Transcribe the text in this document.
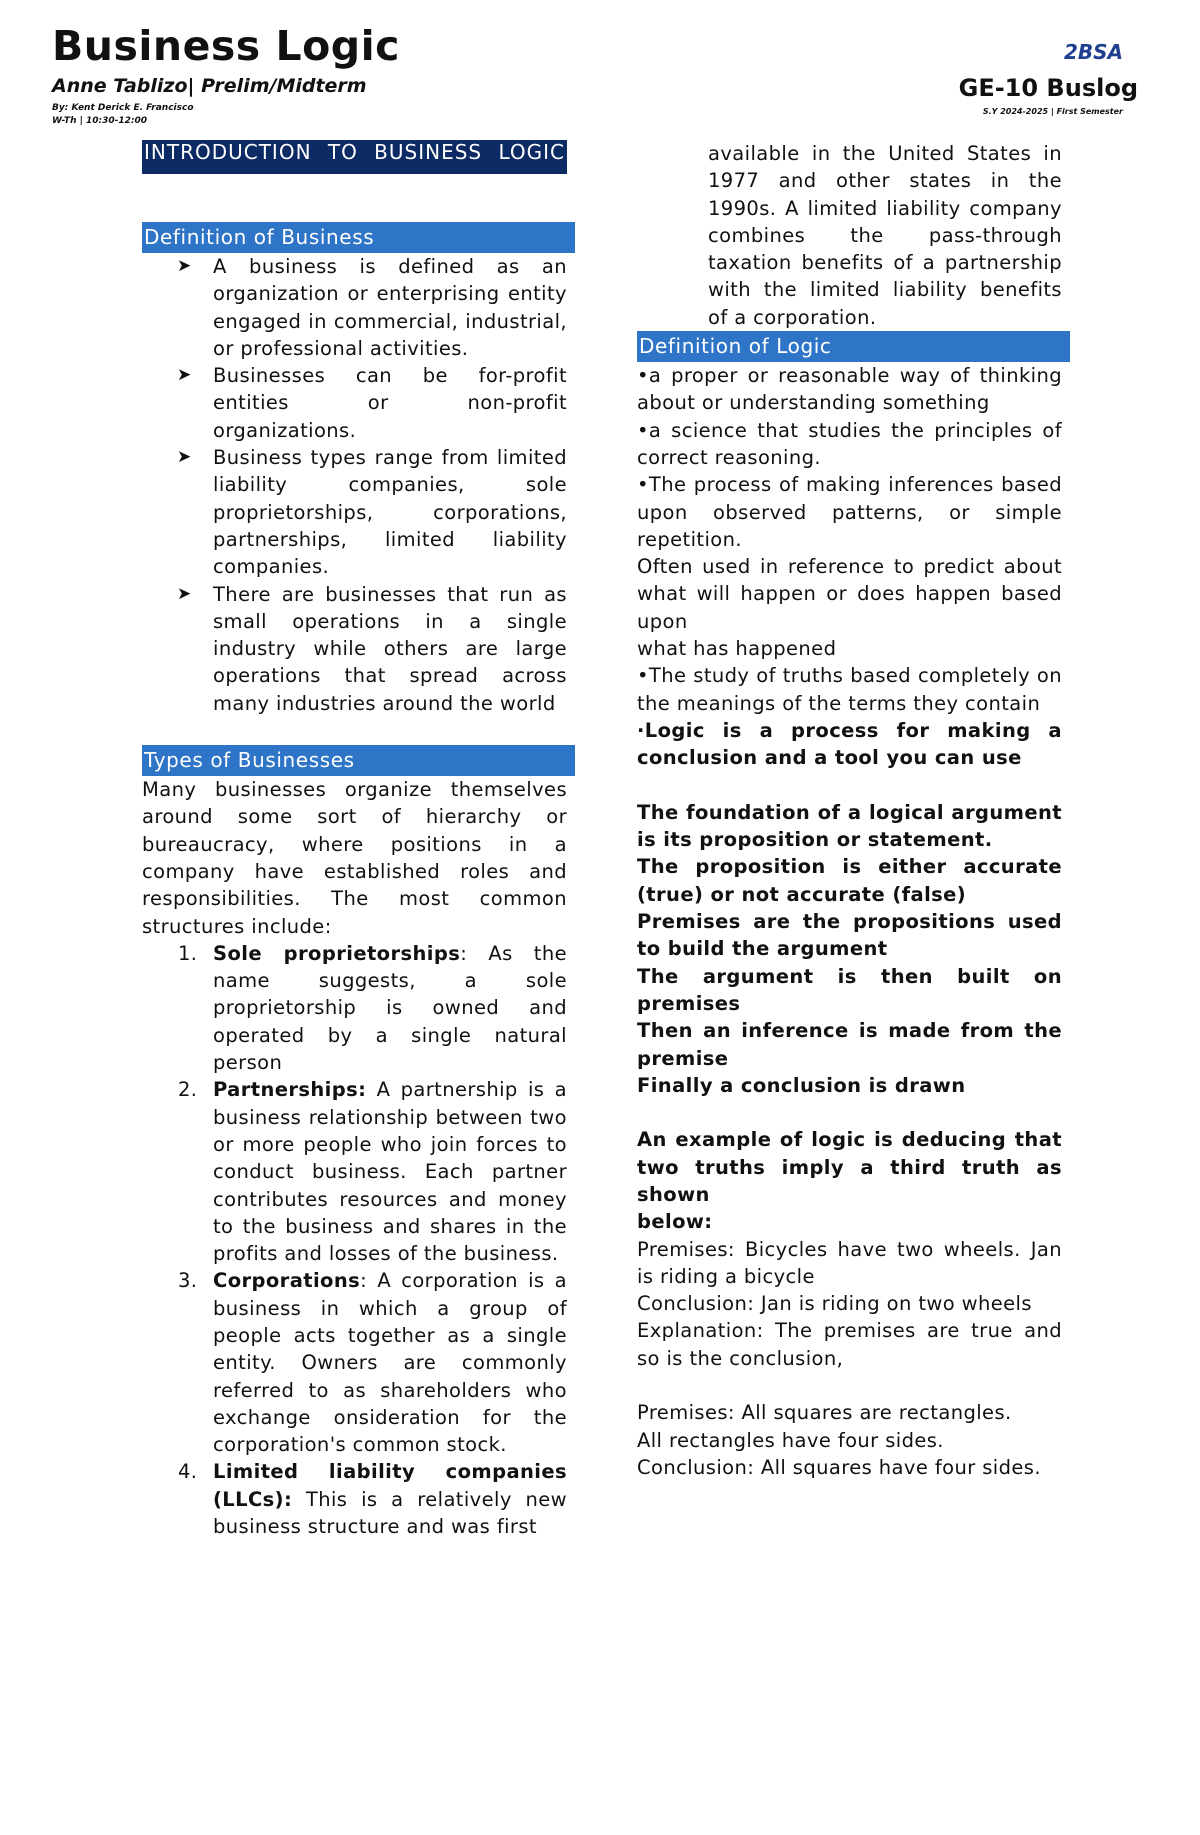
Business Logic
Anne Tablizo| Prelim/Midterm
By: Kent Derick E. Francisco
W-Th | 10:30-12:00
2BSA
GE-10 Buslog
S.Y 2024-2025 | First Semester
INTRODUCTION TO BUSINESS LOGIC
Definition of Business
➤ A business is defined as an organization or enterprising entity engaged in commercial, industrial, or professional activities.
➤ Businesses can be for-profit entities or non-profit organizations.
➤ Business types range from limited liability companies, sole proprietorships, corporations, partnerships, limited liability companies.
➤ There are businesses that run as small operations in a single industry while others are large operations that spread across many industries around the world
Types of Businesses

Many businesses organize themselves around some sort of hierarchy or bureaucracy, where positions in a company have established roles and responsibilities. The most common structures include:

1. Sole proprietorships: As the name suggests, a sole proprietorship is owned and operated by a single natural person
2. Partnerships: A partnership is a business relationship between two or more people who join forces to conduct business. Each partner contributes resources and money to the business and shares in the profits and losses of the business.
3. Corporations: A corporation is a business in which a group of people acts together as a single entity. Owners are commonly referred to as shareholders who exchange onsideration for the corporation's common stock.
4. Limited liability companies (LLCs): This is a relatively new business structure and was first
available in the United States in 1977 and other states in the 1990s. A limited liability company combines the pass-through taxation benefits of a partnership with the limited liability benefits of a corporation.
Definition of Logic

•a proper or reasonable way of thinking about or understanding something

•a science that studies the principles of correct reasoning.

•The process of making inferences based upon observed patterns, or simple repetition.

Often used in reference to predict about what will happen or does happen based upon

what has happened

•The study of truths based completely on the meanings of the terms they contain

·Logic is a process for making a conclusion and a tool you can use

The foundation of a logical argument is its proposition or statement.

The proposition is either accurate (true) or not accurate (false)

Premises are the propositions used to build the argument

The argument is then built on premises

Then an inference is made from the premise

Finally a conclusion is drawn

An example of logic is deducing that two truths imply a third truth as shown

below:

Premises: Bicycles have two wheels. Jan is riding a bicycle

Conclusion: Jan is riding on two wheels

Explanation: The premises are true and so is the conclusion,

Premises: All squares are rectangles.

All rectangles have four sides.

Conclusion: All squares have four sides.
